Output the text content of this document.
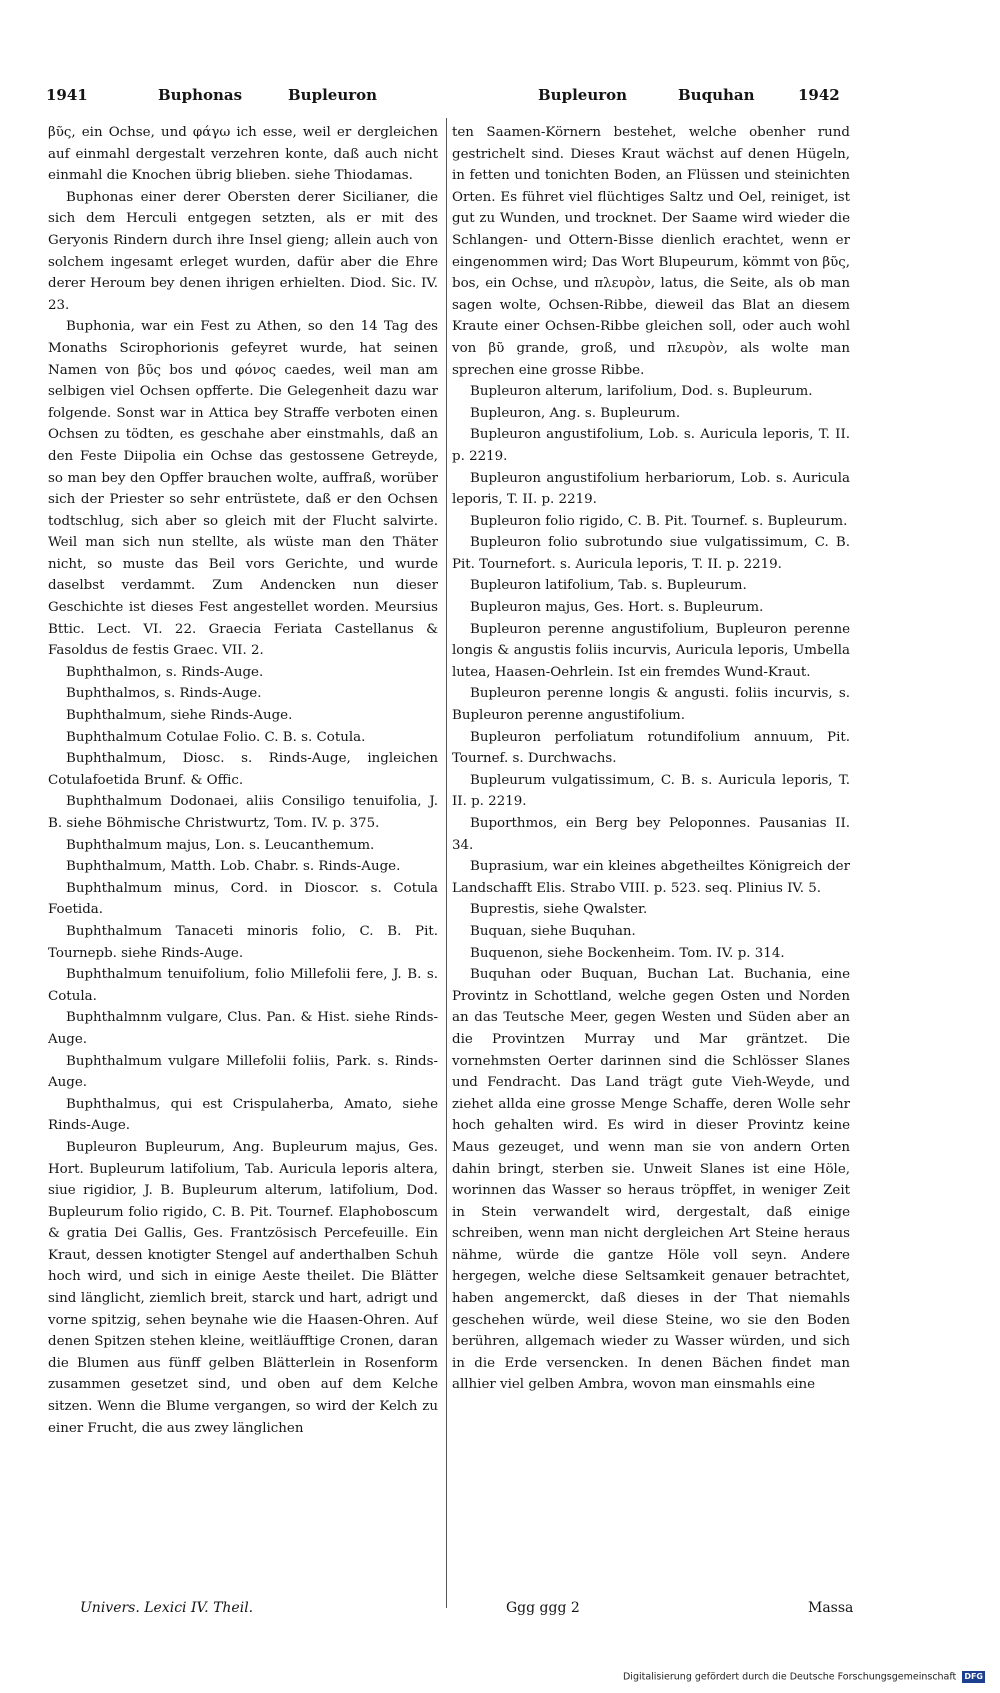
1941	Buphonas	Bupleuron	Bupleuron	Buquhan	1942

βῦς, ein Ochse, und φάγω ich esse, weil er dergleichen auf einmahl dergestalt verzehren konte, daß auch nicht einmahl die Knochen übrig blieben. siehe Thiodamas.

Buphonas einer derer Obersten derer Sicilianer, die sich dem Herculi entgegen setzten, als er mit des Geryonis Rindern durch ihre Insel gieng; allein auch von solchem ingesamt erleget wurden, dafür aber die Ehre derer Heroum bey denen ihrigen erhielten. Diod. Sic. IV. 23.

Buphonia, war ein Fest zu Athen, so den 14 Tag des Monaths Scirophorionis gefeyret wurde, hat seinen Namen von βῦς bos und φόνος caedes, weil man am selbigen viel Ochsen opfferte. Die Gelegenheit dazu war folgende. Sonst war in Attica bey Straffe verboten einen Ochsen zu tödten, es geschahe aber einstmahls, daß an den Feste Diipolia ein Ochse das gestossene Getreyde, so man bey den Opffer brauchen wolte, auffraß, worüber sich der Priester so sehr entrüstete, daß er den Ochsen todtschlug, sich aber so gleich mit der Flucht salvirte. Weil man sich nun stellte, als wüste man den Thäter nicht, so muste das Beil vors Gerichte, und wurde daselbst verdammt. Zum Andencken nun dieser Geschichte ist dieses Fest angestellet worden. Meursius Bttic. Lect. VI. 22. Graecia Feriata Castellanus & Fasoldus de festis Graec. VII. 2.

Buphthalmon, s. Rinds-Auge.

Buphthalmos, s. Rinds-Auge.

Buphthalmum, siehe Rinds-Auge.

Buphthalmum Cotulae Folio. C. B. s. Cotula.

Buphthalmum, Diosc. s. Rinds-Auge, ingleichen Cotulafoetida Brunf. & Offic.

Buphthalmum Dodonaei, aliis Consiligo tenuifolia, J. B. siehe Böhmische Christwurtz, Tom. IV. p. 375.

Buphthalmum majus, Lon. s. Leucanthemum.

Buphthalmum, Matth. Lob. Chabr. s. Rinds-Auge.

Buphthalmum minus, Cord. in Dioscor. s. Cotula Foetida.

Buphthalmum Tanaceti minoris folio, C. B. Pit. Tournepb. siehe Rinds-Auge.

Buphthalmum tenuifolium, folio Millefolii fere, J. B. s. Cotula.

Buphthalmnm vulgare, Clus. Pan. & Hist. siehe Rinds-Auge.

Buphthalmum vulgare Millefolii foliis, Park. s. Rinds-Auge.

Buphthalmus, qui est Crispulaherba, Amato, siehe Rinds-Auge.

Bupleuron Bupleurum, Ang. Bupleurum majus, Ges. Hort. Bupleurum latifolium, Tab. Auricula leporis altera, siue rigidior, J. B. Bupleurum alterum, latifolium, Dod. Bupleurum folio rigido, C. B. Pit. Tournef. Elaphoboscum & gratia Dei Gallis, Ges. Frantzösisch Percefeuille. Ein Kraut, dessen knotigter Stengel auf anderthalben Schuh hoch wird, und sich in einige Aeste theilet. Die Blätter sind länglicht, ziemlich breit, starck und hart, adrigt und vorne spitzig, sehen beynahe wie die Haasen-Ohren. Auf denen Spitzen stehen kleine, weitläufftige Cronen, daran die Blumen aus fünff gelben Blätterlein in Rosenform zusammen gesetzet sind, und oben auf dem Kelche sitzen. Wenn die Blume vergangen, so wird der Kelch zu einer Frucht, die aus zwey länglichen

ten Saamen-Körnern bestehet, welche obenher rund gestrichelt sind. Dieses Kraut wächst auf denen Hügeln, in fetten und tonichten Boden, an Flüssen und steinichten Orten. Es führet viel flüchtiges Saltz und Oel, reiniget, ist gut zu Wunden, und trocknet. Der Saame wird wieder die Schlangen- und Ottern-Bisse dienlich erachtet, wenn er eingenommen wird; Das Wort Blupeurum, kömmt von βῦς, bos, ein Ochse, und πλευρὸν, latus, die Seite, als ob man sagen wolte, Ochsen-Ribbe, dieweil das Blat an diesem Kraute einer Ochsen-Ribbe gleichen soll, oder auch wohl von βῦ grande, groß, und πλευρὸν, als wolte man sprechen eine grosse Ribbe.

Bupleuron alterum, larifolium, Dod. s. Bupleurum.

Bupleuron, Ang. s. Bupleurum.

Bupleuron angustifolium, Lob. s. Auricula leporis, T. II. p. 2219.

Bupleuron angustifolium herbariorum, Lob. s. Auricula leporis, T. II. p. 2219.

Bupleuron folio rigido, C. B. Pit. Tournef. s. Bupleurum.

Bupleuron folio subrotundo siue vulgatissimum, C. B. Pit. Tournefort. s. Auricula leporis, T. II. p. 2219.

Bupleuron latifolium, Tab. s. Bupleurum.

Bupleuron majus, Ges. Hort. s. Bupleurum.

Bupleuron perenne angustifolium, Bupleuron perenne longis & angustis foliis incurvis, Auricula leporis, Umbella lutea, Haasen-Oehrlein. Ist ein fremdes Wund-Kraut.

Bupleuron perenne longis & angusti. foliis incurvis, s. Bupleuron perenne angustifolium.

Bupleuron perfoliatum rotundifolium annuum, Pit. Tournef. s. Durchwachs.

Bupleurum vulgatissimum, C. B. s. Auricula leporis, T. II. p. 2219.

Buporthmos, ein Berg bey Peloponnes. Pausanias II. 34.

Buprasium, war ein kleines abgetheiltes Königreich der Landschafft Elis. Strabo VIII. p. 523. seq. Plinius IV. 5.

Buprestis, siehe Qwalster.

Buquan, siehe Buquhan.

Buquenon, siehe Bockenheim. Tom. IV. p. 314.

Buquhan oder Buquan, Buchan Lat. Buchania, eine Provintz in Schottland, welche gegen Osten und Norden an das Teutsche Meer, gegen Westen und Süden aber an die Provintzen Murray und Mar gräntzet. Die vornehmsten Oerter darinnen sind die Schlösser Slanes und Fendracht. Das Land trägt gute Vieh-Weyde, und ziehet allda eine grosse Menge Schaffe, deren Wolle sehr hoch gehalten wird. Es wird in dieser Provintz keine Maus gezeuget, und wenn man sie von andern Orten dahin bringt, sterben sie. Unweit Slanes ist eine Höle, worinnen das Wasser so heraus tröpffet, in weniger Zeit in Stein verwandelt wird, dergestalt, daß einige schreiben, wenn man nicht dergleichen Art Steine heraus nähme, würde die gantze Höle voll seyn. Andere hergegen, welche diese Seltsamkeit genauer betrachtet, haben angemerckt, daß dieses in der That niemahls geschehen würde, weil diese Steine, wo sie den Boden berühren, allgemach wieder zu Wasser würden, und sich in die Erde versencken. In denen Bächen findet man allhier viel gelben Ambra, wovon man einsmahls eine

Univers. Lexici IV. Theil.	Ggg ggg 2	Massa
Digitalisierung gefördert durch die Deutsche Forschungsgemeinschaft DFG
